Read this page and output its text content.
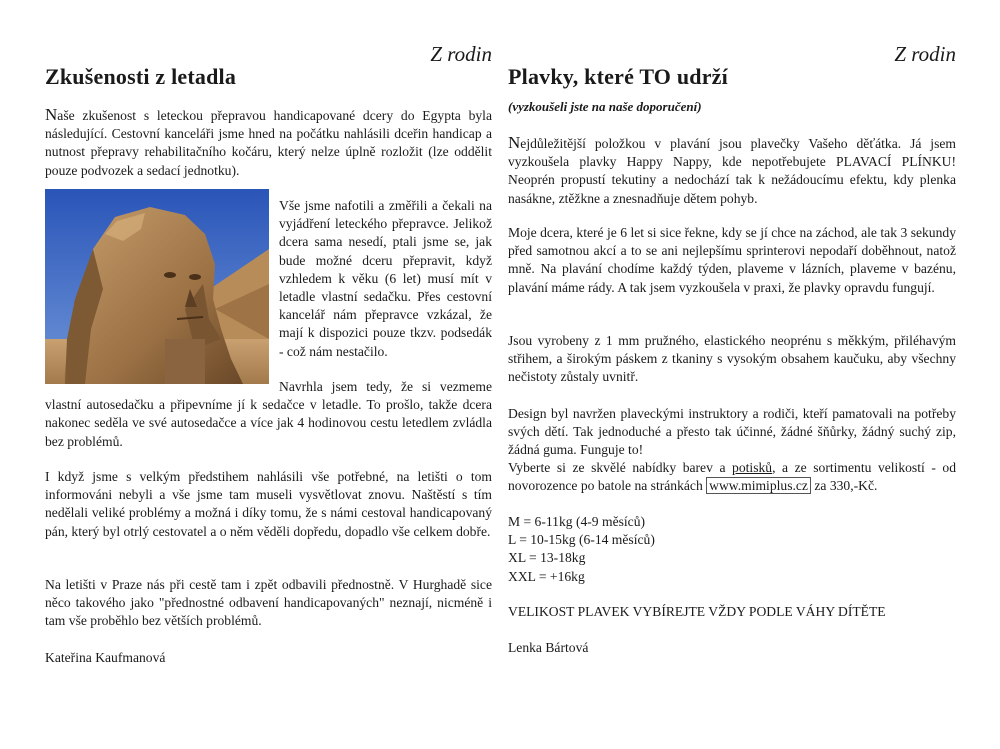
Z rodin
Zkušenosti z letadla

Naše zkušenost s leteckou přepravou handicapované dcery do Egypta byla následující. Cestovní kanceláři jsme hned na počátku nahlásili dceřin handicap a nutnost přepravy rehabilitačního kočáru, který nelze úplně rozložit (lze oddělit pouze podvozek a sedací jednotku).

Vše jsme nafotili a změřili a čekali na vyjádření leteckého přepravce. Jelikož dcera sama nesedí, ptali jsme se, jak bude možné dceru přepravit, když vzhledem k věku (6 let) musí mít v letadle vlastní sedačku. Přes cestovní kancelář nám přepravce vzkázal, že mají k dispozici pouze tkzv. podsedák - což nám nestačilo.

Navrhla jsem tedy, že si vezmeme vlastní autosedačku a připevníme jí k sedačce v letadle. To prošlo, takže dcera nakonec seděla ve své autosedačce a více jak 4 hodinovou cestu letedlem zvládla bez problémů.

I když jsme s velkým předstihem nahlásili vše potřebné, na letišti o tom informováni nebyli a vše jsme tam museli vysvětlovat znovu. Naštěstí s tím nedělali veliké problémy a možná i díky tomu, že s námi cestoval handicapovaný pán, který byl otrlý cestovatel a o něm věděli dopředu, dopadlo vše celkem dobře.

Na letišti v Praze nás při cestě tam i zpět odbavili přednostně. V Hurghadě sice něco takového jako "přednostné odbavení handicapovaných" neznají, nicméně i tam vše proběhlo bez větších problémů.

Kateřina Kaufmanová

Z rodin
Plavky, které TO udrží

(vyzkoušeli jste na naše doporučení)

Nejdůležitější položkou v plavání jsou plavečky Vašeho děťátka. Já jsem vyzkoušela plavky Happy Nappy, kde nepotřebujete PLAVACÍ PLÍNKU! Neoprén propustí tekutiny a nedochází tak k nežádoucímu efektu, kdy plenka nasákne, ztěžkne a znesnadňuje dětem pohyb.

Moje dcera, které je 6 let si sice řekne, kdy se jí chce na záchod, ale tak 3 sekundy před samotnou akcí a to se ani nejlepšímu sprinterovi nepodaří doběhnout, natož mně. Na plavání chodíme každý týden, plaveme v lázních, plaveme v bazénu, plavání máme rády. A tak jsem vyzkoušela v praxi, že plavky opravdu fungují.

Jsou vyrobeny z 1 mm pružného, elastického neoprénu s měkkým, přiléhavým střihem, a širokým páskem z tkaniny s vysokým obsahem kaučuku, aby všechny nečistoty zůstaly uvnitř.

Design byl navržen plaveckými instruktory a rodiči, kteří pamatovali na potřeby svých dětí. Tak jednoduché a přesto tak účinné, žádné šňůrky, žádný suchý zip, žádná guma. Funguje to!

Vyberte si ze skvělé nabídky barev a potisků, a ze sortimentu velikostí - od novorozence po batole na stránkách www.mimiplus.cz za 330,-Kč.

M = 6-11kg (4-9 měsíců)
L = 10-15kg (6-14 měsíců)
XL = 13-18kg
XXL = +16kg

VELIKOST PLAVEK VYBÍREJTE VŽDY PODLE VÁHY DÍTĚTE

Lenka Bártová
